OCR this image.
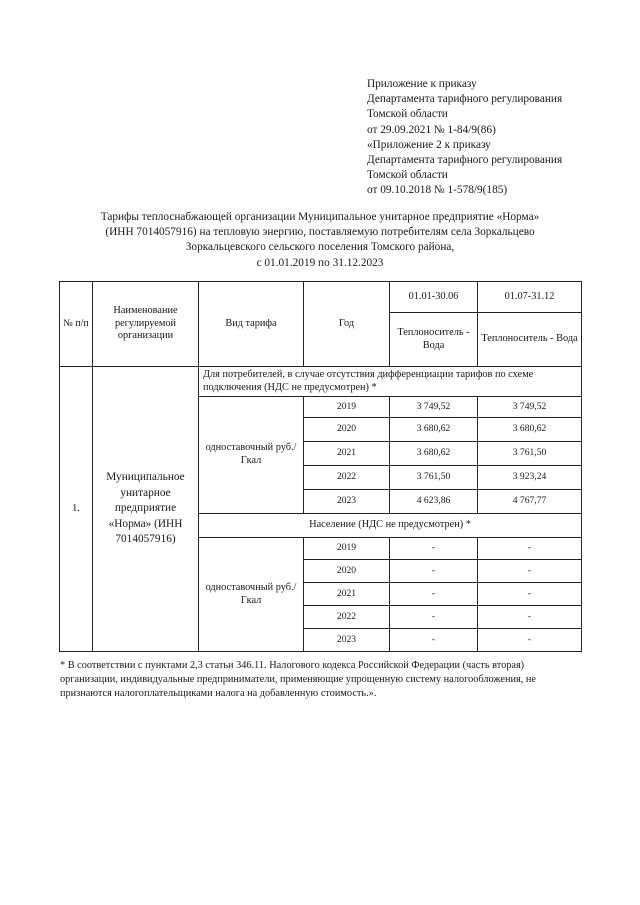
Приложение к приказу
Департамента тарифного регулирования
Томской области
от 29.09.2021 № 1-84/9(86)
«Приложение 2 к приказу
Департамента тарифного регулирования
Томской области
от 09.10.2018 № 1-578/9(185)
Тарифы теплоснабжающей организации Муниципальное унитарное предприятие «Норма»
(ИНН 7014057916) на тепловую энергию, поставляемую потребителям села Зоркальцево
Зоркальцевского сельского поселения Томского района,
с 01.01.2019 по 31.12.2023
№ п/п	Наименование регулируемой организации	Вид тарифа	Год	01.01-30.06	01.07-31.12
				Теплоноситель - Вода	Теплоноситель - Вода
1.	Муниципальное унитарное предприятие «Норма» (ИНН 7014057916)	Для потребителей, в случае отсутствия дифференциации тарифов по схеме подключения (НДС не предусмотрен) *			
		одноставочный руб./Гкал	2019	3 749,52	3 749,52
			2020	3 680,62	3 680,62
			2021	3 680,62	3 761,50
			2022	3 761,50	3 923,24
			2023	4 623,86	4 767,77
		Население (НДС не предусмотрен) *			
		одноставочный руб./Гкал	2019	-	-
			2020	-	-
			2021	-	-
			2022	-	-
			2023	-	-
* В соответствии с пунктами 2,3 статьи 346.11. Налогового кодекса Российской Федерации (часть вторая) организации, индивидуальные предприниматели, применяющие упрощенную систему налогообложения, не признаются налогоплательщиками налога на добавленную стоимость.».
